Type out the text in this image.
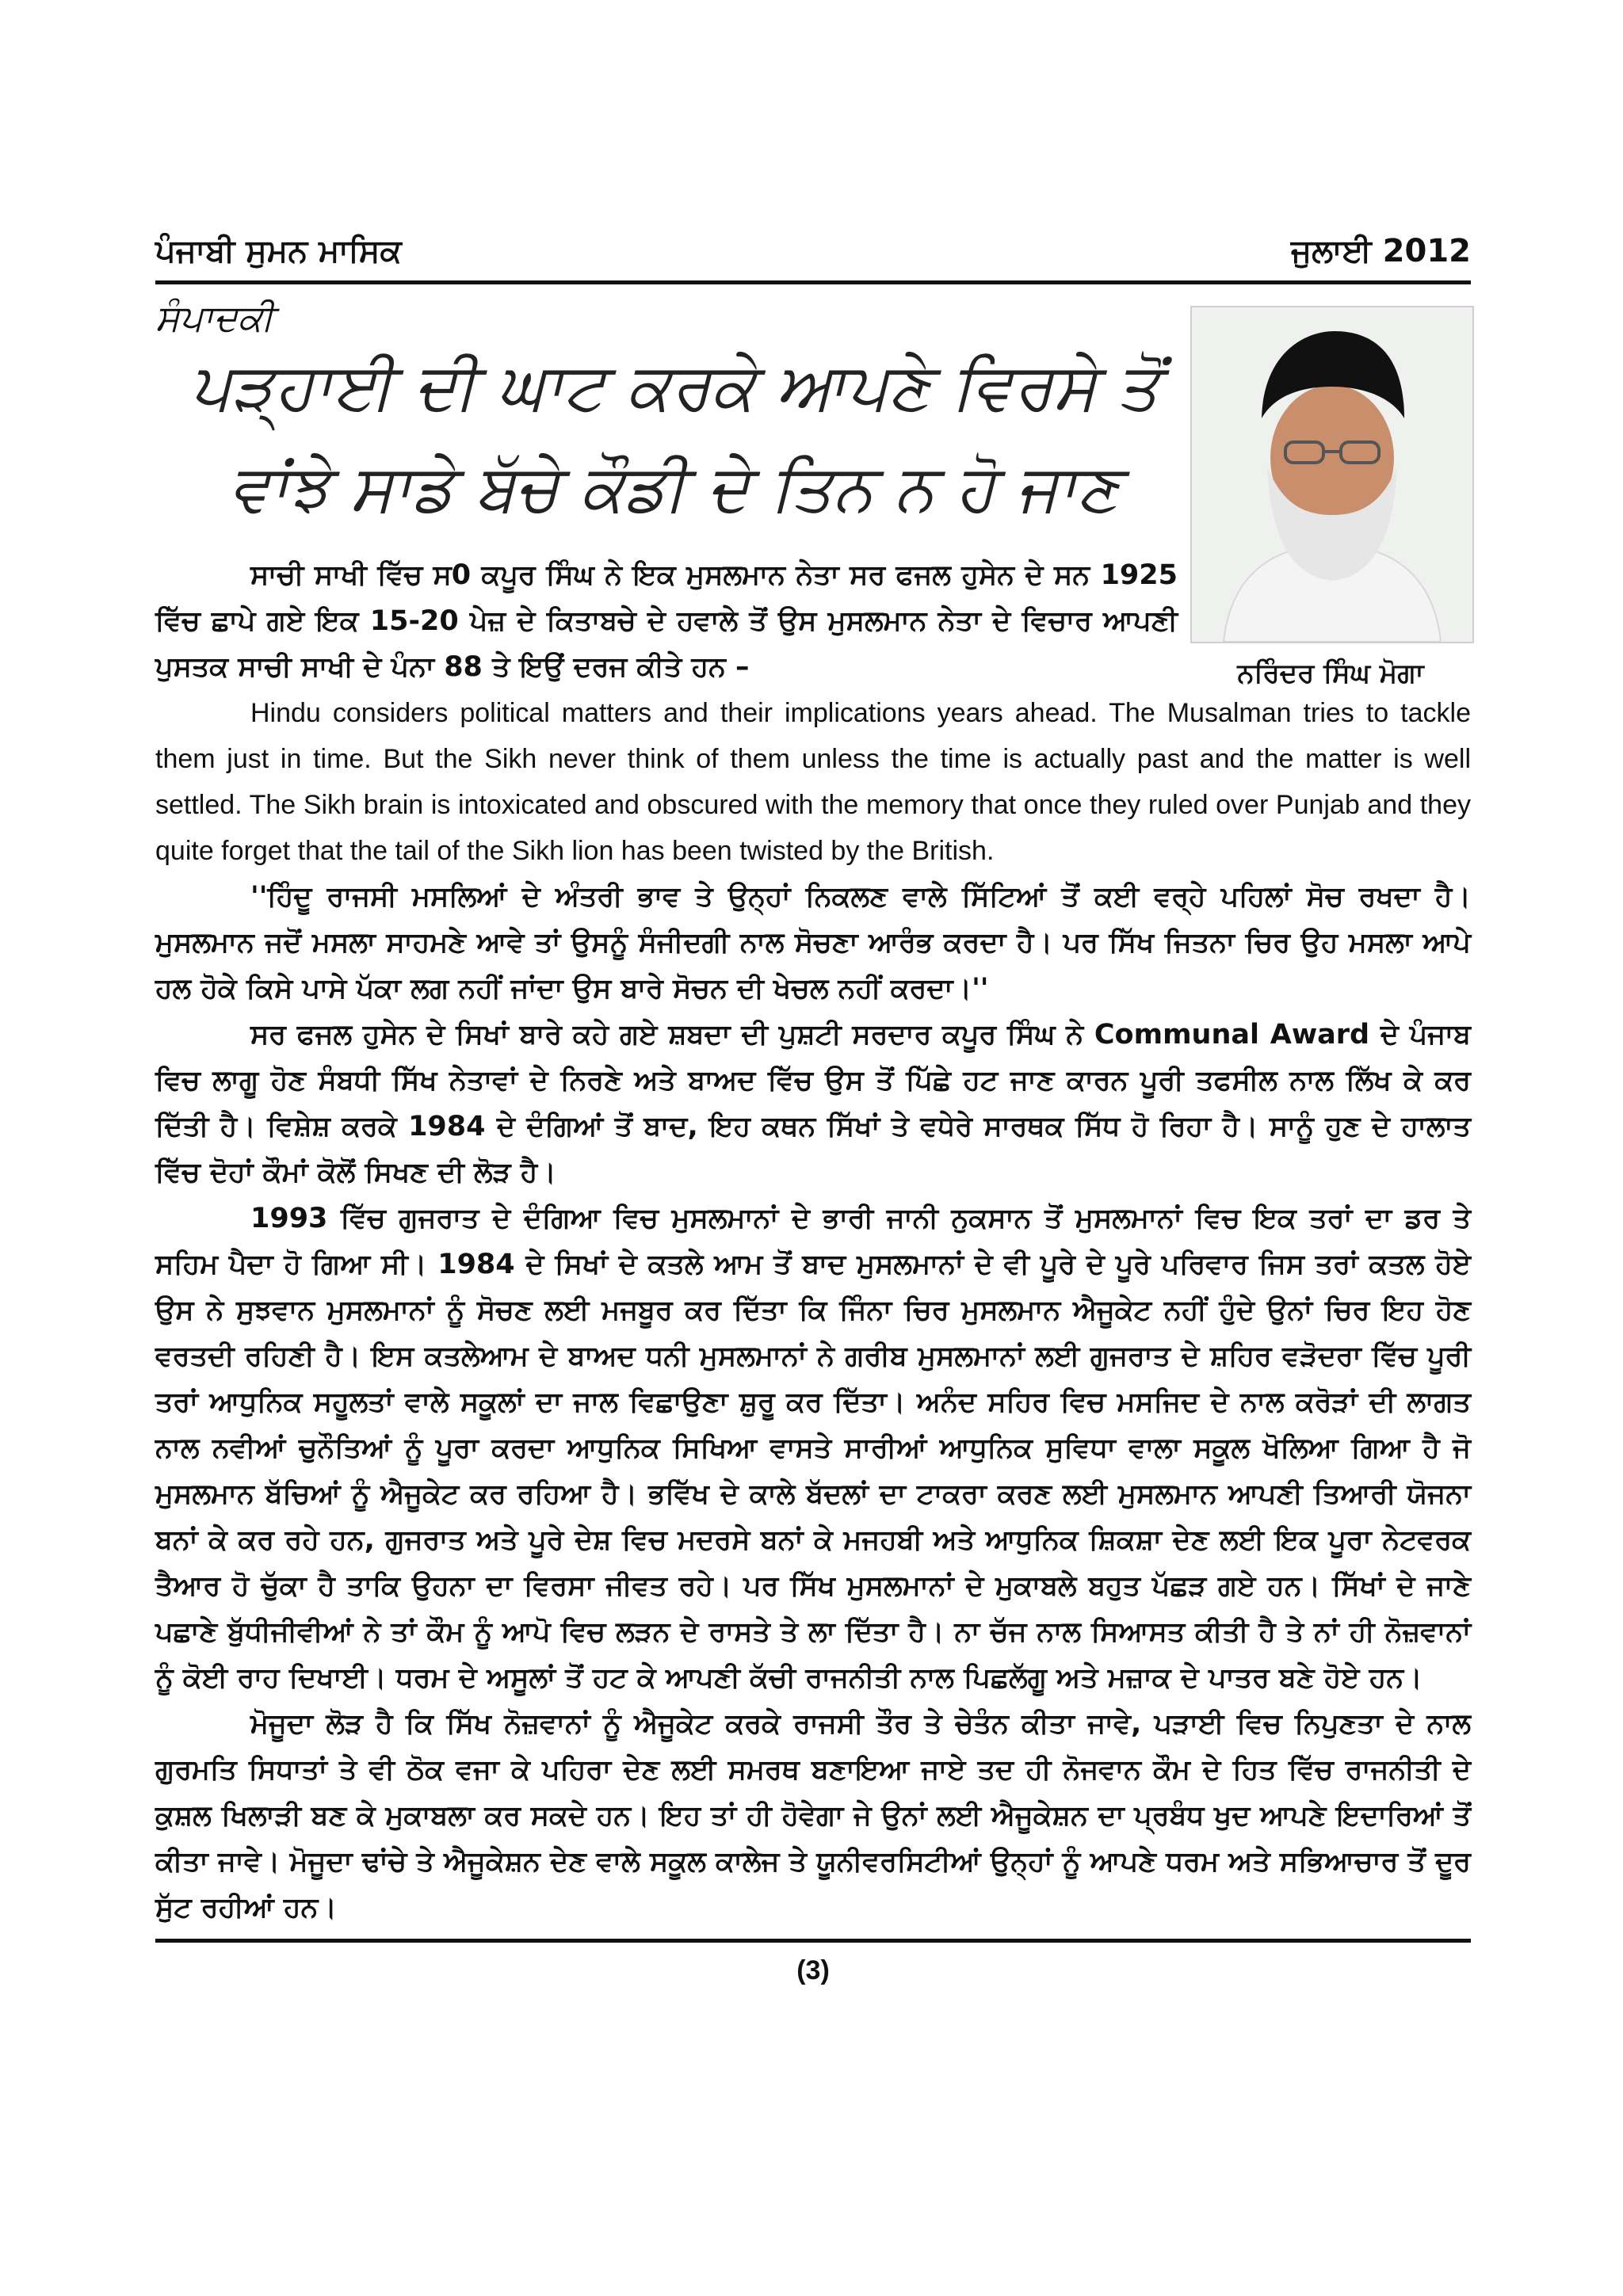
ਪੰਜਾਬੀ ਸੁਮਨ ਮਾਸਿਕ	ਜੁਲਾਈ 2012
ਸੰਪਾਦਕੀ
ਪੜ੍ਹਾਈ ਦੀ ਘਾਟ ਕਰਕੇ ਆਪਣੇ ਵਿਰਸੇ ਤੋਂ
ਵਾਂਝੇ ਸਾਡੇ ਬੱਚੇ ਕੌਡੀ ਦੇ ਤਿਨ ਨ ਹੋ ਜਾਣ
ਨਰਿੰਦਰ ਸਿੰਘ ਮੋਗਾ

ਸਾਚੀ ਸਾਖੀ ਵਿੱਚ ਸ0 ਕਪੂਰ ਸਿੰਘ ਨੇ ਇਕ ਮੁਸਲਮਾਨ ਨੇਤਾ ਸਰ ਫਜਲ ਹੁਸੇਨ ਦੇ ਸਨ 1925 ਵਿੱਚ ਛਾਪੇ ਗਏ ਇਕ 15-20 ਪੇਜ਼ ਦੇ ਕਿਤਾਬਚੇ ਦੇ ਹਵਾਲੇ ਤੋਂ ਉਸ ਮੁਸਲਮਾਨ ਨੇਤਾ ਦੇ ਵਿਚਾਰ ਆਪਣੀ ਪੁਸਤਕ ਸਾਚੀ ਸਾਖੀ ਦੇ ਪੰਨਾ 88 ਤੇ ਇਉਂ ਦਰਜ ਕੀਤੇ ਹਨ –

Hindu considers political matters and their implications years ahead. The Musalman tries to tackle them just in time. But the Sikh never think of them unless the time is actually past and the matter is well settled. The Sikh brain is intoxicated and obscured with the memory that once they ruled over Punjab and they quite forget that the tail of the Sikh lion has been twisted by the British.

''ਹਿੰਦੂ ਰਾਜਸੀ ਮਸਲਿਆਂ ਦੇ ਅੰਤਰੀ ਭਾਵ ਤੇ ਉਨ੍ਹਾਂ ਨਿਕਲਣ ਵਾਲੇ ਸਿੱਟਿਆਂ ਤੋਂ ਕਈ ਵਰ੍ਹੇ ਪਹਿਲਾਂ ਸੋਚ ਰਖਦਾ ਹੈ। ਮੁਸਲਮਾਨ ਜਦੋਂ ਮਸਲਾ ਸਾਹਮਣੇ ਆਵੇ ਤਾਂ ਉਸਨੂੰ ਸੰਜੀਦਗੀ ਨਾਲ ਸੋਚਣਾ ਆਰੰਭ ਕਰਦਾ ਹੈ। ਪਰ ਸਿੱਖ ਜਿਤਨਾ ਚਿਰ ਉਹ ਮਸਲਾ ਆਪੇ ਹਲ ਹੋਕੇ ਕਿਸੇ ਪਾਸੇ ਪੱਕਾ ਲਗ ਨਹੀਂ ਜਾਂਦਾ ਉਸ ਬਾਰੇ ਸੋਚਨ ਦੀ ਖੇਚਲ ਨਹੀਂ ਕਰਦਾ।''

ਸਰ ਫਜਲ ਹੁਸੇਨ ਦੇ ਸਿਖਾਂ ਬਾਰੇ ਕਹੇ ਗਏ ਸ਼ਬਦਾ ਦੀ ਪੁਸ਼ਟੀ ਸਰਦਾਰ ਕਪੂਰ ਸਿੰਘ ਨੇ Communal Award ਦੇ ਪੰਜਾਬ ਵਿਚ ਲਾਗੂ ਹੋਣ ਸੰਬਧੀ ਸਿੱਖ ਨੇਤਾਵਾਂ ਦੇ ਨਿਰਣੇ ਅਤੇ ਬਾਅਦ ਵਿੱਚ ਉਸ ਤੋਂ ਪਿੱਛੇ ਹਟ ਜਾਣ ਕਾਰਨ ਪੂਰੀ ਤਫਸੀਲ ਨਾਲ ਲਿੱਖ ਕੇ ਕਰ ਦਿੱਤੀ ਹੈ। ਵਿਸ਼ੇਸ਼ ਕਰਕੇ 1984 ਦੇ ਦੰਗਿਆਂ ਤੋਂ ਬਾਦ, ਇਹ ਕਥਨ ਸਿੱਖਾਂ ਤੇ ਵਧੇਰੇ ਸਾਰਥਕ ਸਿੱਧ ਹੋ ਰਿਹਾ ਹੈ। ਸਾਨੂੰ ਹੁਣ ਦੇ ਹਾਲਾਤ ਵਿੱਚ ਦੋਹਾਂ ਕੌਮਾਂ ਕੋਲੋਂ ਸਿਖਣ ਦੀ ਲੋੜ ਹੈ।

1993 ਵਿੱਚ ਗੁਜਰਾਤ ਦੇ ਦੰਗਿਆ ਵਿਚ ਮੁਸਲਮਾਨਾਂ ਦੇ ਭਾਰੀ ਜਾਨੀ ਨੁਕਸਾਨ ਤੋਂ ਮੁਸਲਮਾਨਾਂ ਵਿਚ ਇਕ ਤਰਾਂ ਦਾ ਡਰ ਤੇ ਸਹਿਮ ਪੈਦਾ ਹੋ ਗਿਆ ਸੀ। 1984 ਦੇ ਸਿਖਾਂ ਦੇ ਕਤਲੇ ਆਮ ਤੋਂ ਬਾਦ ਮੁਸਲਮਾਨਾਂ ਦੇ ਵੀ ਪੂਰੇ ਦੇ ਪੂਰੇ ਪਰਿਵਾਰ ਜਿਸ ਤਰਾਂ ਕਤਲ ਹੋਏ ਉਸ ਨੇ ਸੁਝਵਾਨ ਮੁਸਲਮਾਨਾਂ ਨੂੰ ਸੋਚਣ ਲਈ ਮਜਬੂਰ ਕਰ ਦਿੱਤਾ ਕਿ ਜਿੰਨਾ ਚਿਰ ਮੁਸਲਮਾਨ ਐਜੂਕੇਟ ਨਹੀਂ ਹੁੰਦੇ ਉਨਾਂ ਚਿਰ ਇਹ ਹੋਣ ਵਰਤਦੀ ਰਹਿਣੀ ਹੈ। ਇਸ ਕਤਲੇਆਮ ਦੇ ਬਾਅਦ ਧਨੀ ਮੁਸਲਮਾਨਾਂ ਨੇ ਗਰੀਬ ਮੁਸਲਮਾਨਾਂ ਲਈ ਗੁਜਰਾਤ ਦੇ ਸ਼ਹਿਰ ਵੜੋਦਰਾ ਵਿੱਚ ਪੂਰੀ ਤਰਾਂ ਆਧੁਨਿਕ ਸਹੂਲਤਾਂ ਵਾਲੇ ਸਕੂਲਾਂ ਦਾ ਜਾਲ ਵਿਛਾਉਣਾ ਸ਼ੁਰੂ ਕਰ ਦਿੱਤਾ। ਅਨੰਦ ਸਹਿਰ ਵਿਚ ਮਸਜਿਦ ਦੇ ਨਾਲ ਕਰੋੜਾਂ ਦੀ ਲਾਗਤ ਨਾਲ ਨਵੀਆਂ ਚੁਨੌਤਿਆਂ ਨੂੰ ਪੂਰਾ ਕਰਦਾ ਆਧੁਨਿਕ ਸਿਖਿਆ ਵਾਸਤੇ ਸਾਰੀਆਂ ਆਧੁਨਿਕ ਸੁਵਿਧਾ ਵਾਲਾ ਸਕੂਲ ਖੋਲਿਆ ਗਿਆ ਹੈ ਜੋ ਮੁਸਲਮਾਨ ਬੱਚਿਆਂ ਨੂੰ ਐਜੂਕੇਟ ਕਰ ਰਹਿਆ ਹੈ। ਭਵਿੱਖ ਦੇ ਕਾਲੇ ਬੱਦਲਾਂ ਦਾ ਟਾਕਰਾ ਕਰਣ ਲਈ ਮੁਸਲਮਾਨ ਆਪਣੀ ਤਿਆਰੀ ਯੋਜਨਾ ਬਨਾਂ ਕੇ ਕਰ ਰਹੇ ਹਨ, ਗੁਜਰਾਤ ਅਤੇ ਪੂਰੇ ਦੇਸ਼ ਵਿਚ ਮਦਰਸੇ ਬਨਾਂ ਕੇ ਮਜਹਬੀ ਅਤੇ ਆਧੁਨਿਕ ਸ਼ਿਕਸ਼ਾ ਦੇਣ ਲਈ ਇਕ ਪੂਰਾ ਨੇਟਵਰਕ ਤੈਆਰ ਹੋ ਚੁੱਕਾ ਹੈ ਤਾਕਿ ਉਹਨਾ ਦਾ ਵਿਰਸਾ ਜੀਵਤ ਰਹੇ। ਪਰ ਸਿੱਖ ਮੁਸਲਮਾਨਾਂ ਦੇ ਮੁਕਾਬਲੇ ਬਹੁਤ ਪੱਛੜ ਗਏ ਹਨ। ਸਿੱਖਾਂ ਦੇ ਜਾਣੇ ਪਛਾਣੇ ਬੁੱਧੀਜੀਵੀਆਂ ਨੇ ਤਾਂ ਕੌਮ ਨੂੰ ਆਪੋ ਵਿਚ ਲੜਨ ਦੇ ਰਾਸਤੇ ਤੇ ਲਾ ਦਿੱਤਾ ਹੈ। ਨਾ ਚੱਜ ਨਾਲ ਸਿਆਸਤ ਕੀਤੀ ਹੈ ਤੇ ਨਾਂ ਹੀ ਨੋਜ਼ਵਾਨਾਂ ਨੂੰ ਕੋਈ ਰਾਹ ਦਿਖਾਈ। ਧਰਮ ਦੇ ਅਸੂਲਾਂ ਤੋਂ ਹਟ ਕੇ ਆਪਣੀ ਕੱਚੀ ਰਾਜਨੀਤੀ ਨਾਲ ਪਿਛਲੱਗੂ ਅਤੇ ਮਜ਼ਾਕ ਦੇ ਪਾਤਰ ਬਣੇ ਹੋਏ ਹਨ।

ਮੋਜੂਦਾ ਲੋੜ ਹੈ ਕਿ ਸਿੱਖ ਨੋਜ਼ਵਾਨਾਂ ਨੂੰ ਐਜੂਕੇਟ ਕਰਕੇ ਰਾਜਸੀ ਤੌਰ ਤੇ ਚੇਤੰਨ ਕੀਤਾ ਜਾਵੇ, ਪੜਾਈ ਵਿਚ ਨਿਪੁਣਤਾ ਦੇ ਨਾਲ ਗੁਰਮਤਿ ਸਿਧਾਤਾਂ ਤੇ ਵੀ ਠੋਕ ਵਜਾ ਕੇ ਪਹਿਰਾ ਦੇਣ ਲਈ ਸਮਰਥ ਬਣਾਇਆ ਜਾਏ ਤਦ ਹੀ ਨੋਜਵਾਨ ਕੌਮ ਦੇ ਹਿਤ ਵਿੱਚ ਰਾਜਨੀਤੀ ਦੇ ਕੁਸ਼ਲ ਖਿਲਾੜੀ ਬਣ ਕੇ ਮੁਕਾਬਲਾ ਕਰ ਸਕਦੇ ਹਨ। ਇਹ ਤਾਂ ਹੀ ਹੋਵੇਗਾ ਜੇ ਉਨਾਂ ਲਈ ਐਜੂਕੇਸ਼ਨ ਦਾ ਪ੍ਰਬੰਧ ਖੁਦ ਆਪਣੇ ਇਦਾਰਿਆਂ ਤੋਂ ਕੀਤਾ ਜਾਵੇ। ਮੋਜੂਦਾ ਢਾਂਚੇ ਤੇ ਐਜੂਕੇਸ਼ਨ ਦੇਣ ਵਾਲੇ ਸਕੂਲ ਕਾਲੇਜ ਤੇ ਯੂਨੀਵਰਸਿਟੀਆਂ ਉਨ੍ਹਾਂ ਨੂੰ ਆਪਣੇ ਧਰਮ ਅਤੇ ਸਭਿਆਚਾਰ ਤੋਂ ਦੂਰ ਸੁੱਟ ਰਹੀਆਂ ਹਨ।

(3)
